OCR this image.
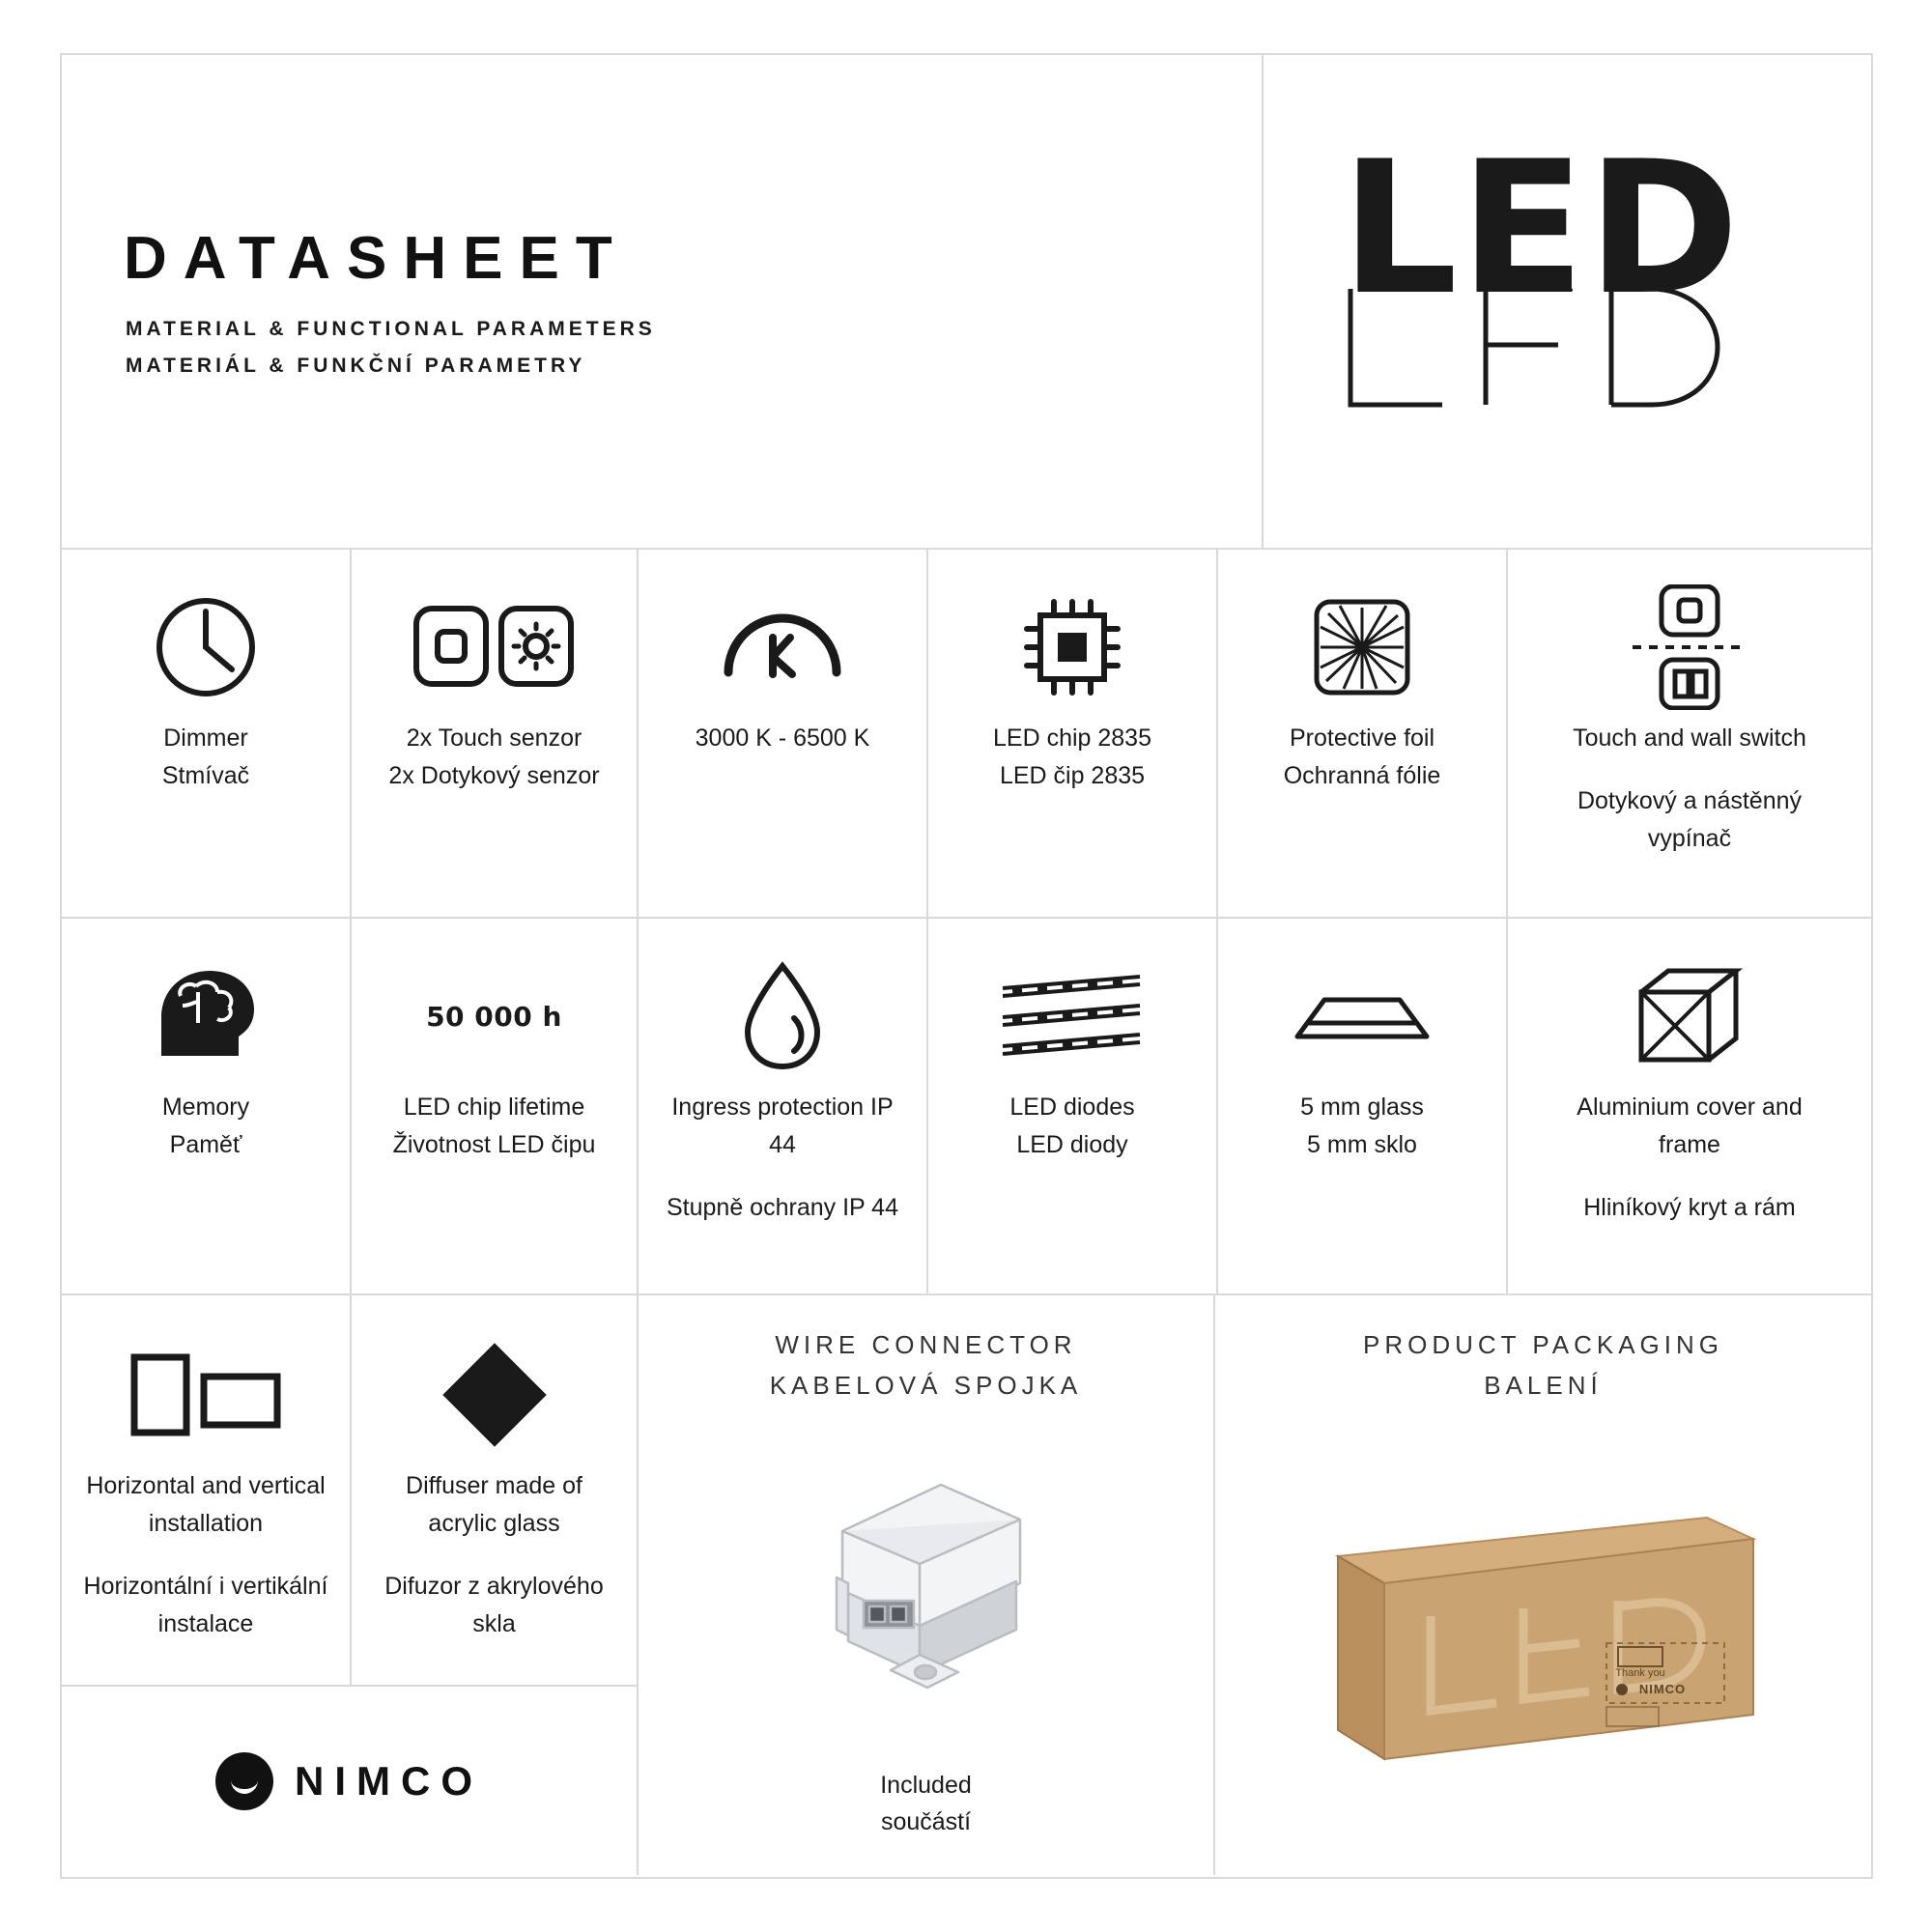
DATASHEET
MATERIAL & FUNCTIONAL PARAMETERS
MATERIÁL & FUNKČNÍ PARAMETRY
LED
Dimmer
Stmívač
2x Touch senzor
2x Dotykový senzor
3000 K - 6500 K	LED chip 2835
LED čip 2835
Protective foil
Ochranná fólie
Touch and wall switch
Dotykový a nástěnný vypínač
Memory
Paměť
50 000 h
LED chip lifetime
Životnost LED čipu
Ingress protection IP 44
Stupně ochrany IP 44
LED diodes
LED diody
5 mm glass
5 mm sklo
Aluminium cover and frame
Hliníkový kryt a rám
Horizontal and vertical installation
Horizontální i vertikální instalace
Diffuser made of acrylic glass
Difuzor z akrylového skla
NIMCO
WIRE CONNECTOR
KABELOVÁ SPOJKA
Included
součástí
PRODUCT PACKAGING
BALENÍ
Thank you
NIMCO
